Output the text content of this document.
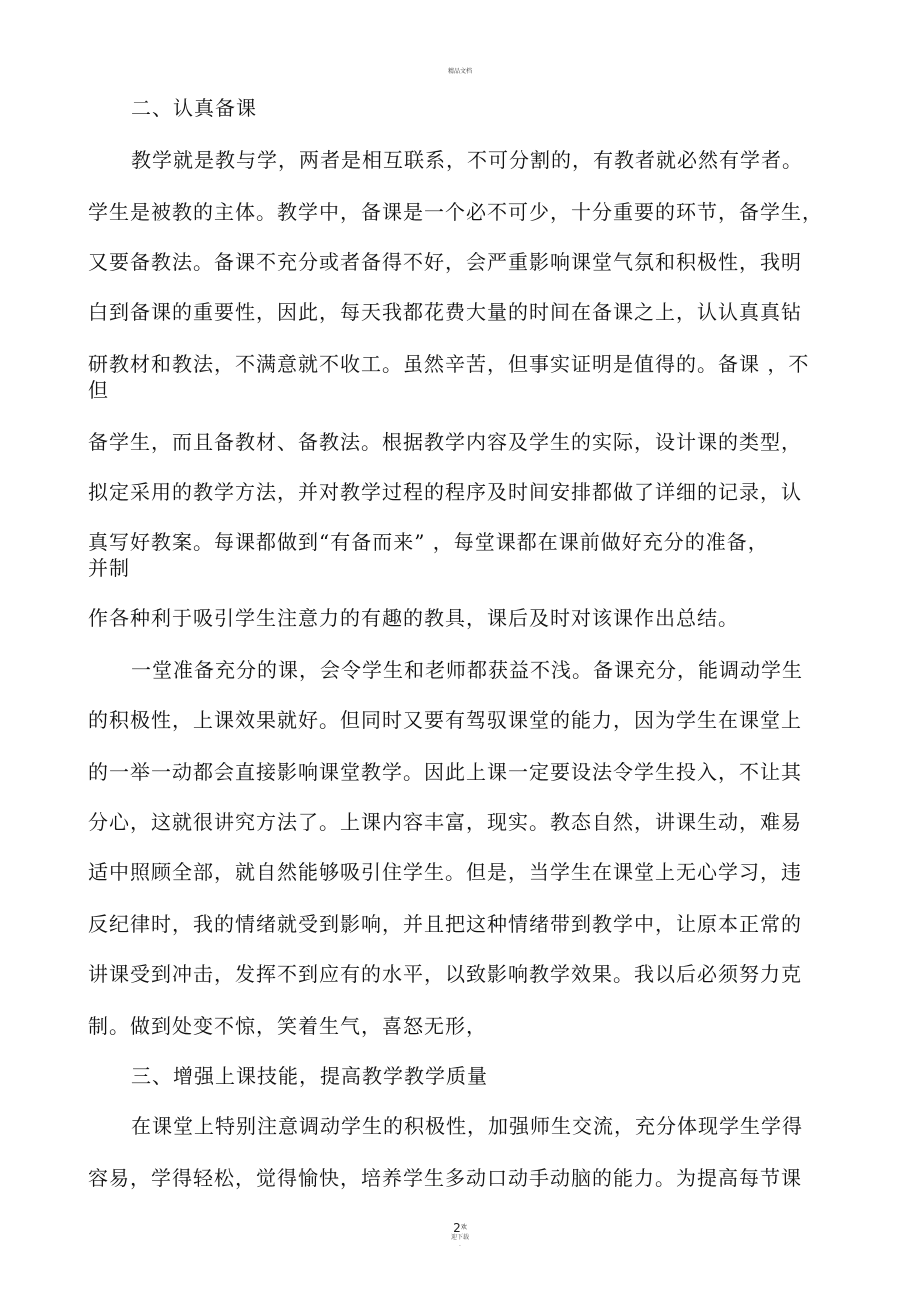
精品文档
二、认真备课
教学就是教与学，两者是相互联系，不可分割的，有教者就必然有学者。
学生是被教的主体。教学中，备课是一个必不可少，十分重要的环节，备学生，
又要备教法。备课不充分或者备得不好，会严重影响课堂气氛和积极性，我明
白到备课的重要性，因此，每天我都花费大量的时间在备课之上，认认真真钻
研教材和教法，不满意就不收工。虽然辛苦，但事实证明是值得的。备课 ，不
但
备学生，而且备教材、备教法。根据教学内容及学生的实际，设计课的类型，
拟定采用的教学方法，并对教学过程的程序及时间安排都做了详细的记录，认
真写好教案。每课都做到“有备而来” ，每堂课都在课前做好充分的准备，
并制
作各种利于吸引学生注意力的有趣的教具，课后及时对该课作出总结。
一堂准备充分的课，会令学生和老师都获益不浅。备课充分，能调动学生
的积极性，上课效果就好。但同时又要有驾驭课堂的能力，因为学生在课堂上
的一举一动都会直接影响课堂教学。因此上课一定要设法令学生投入，不让其
分心，这就很讲究方法了。上课内容丰富，现实。教态自然，讲课生动，难易
适中照顾全部，就自然能够吸引住学生。但是，当学生在课堂上无心学习，违
反纪律时，我的情绪就受到影响，并且把这种情绪带到教学中，让原本正常的
讲课受到冲击，发挥不到应有的水平，以致影响教学效果。我以后必须努力克
制。做到处变不惊，笑着生气，喜怒无形，
三、增强上课技能，提高教学教学质量
在课堂上特别注意调动学生的积极性，加强师生交流，充分体现学生学得
容易，学得轻松，觉得愉快，培养学生多动口动手动脑的能力。为提高每节课
$2^欢$
迎下载
.
